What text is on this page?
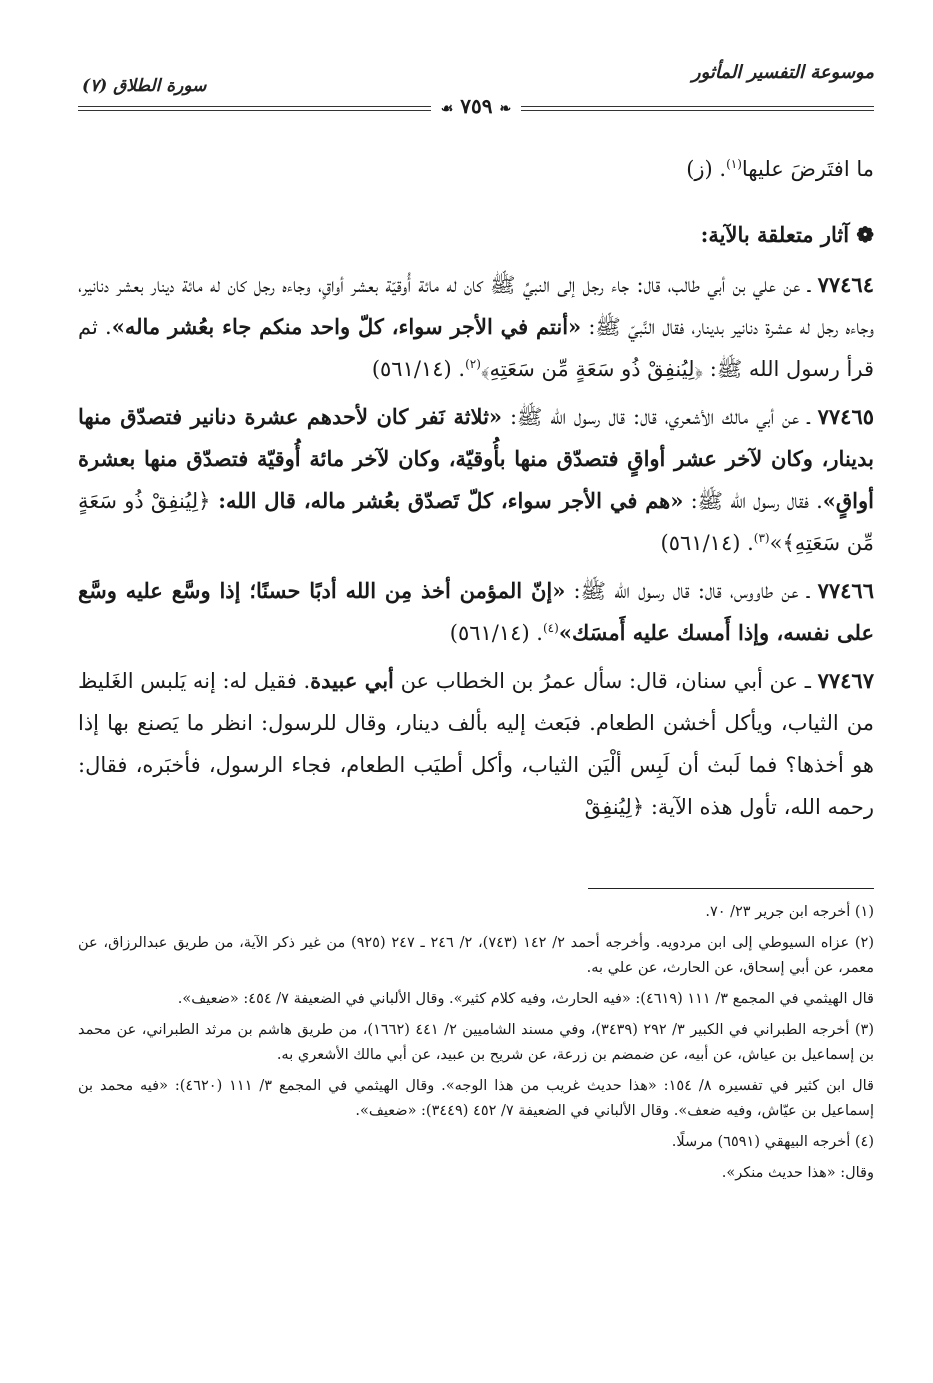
موسوعة التفسير المأثور
سورة الطلاق (٧)
❧ ٧٥٩ ☙

ما افتَرضَ عليها$^{(١)}$. (ز)

❁ آثار متعلقة بالآية:

٧٧٤٦٤ ـ عن علي بن أبي طالب، قال: جاء رجل إلى النبيِّ ﷺ كان له مائة أُوقيّة بعشر أواقٍ، وجاءه رجل كان له مائة دينار بعشر دنانير، وجاءه رجل له عشرة دنانير بدينار، فقال النَّبيّ ﷺ: «أنتم في الأجر سواء، كلّ واحد منكم جاء بعُشر ماله». ثم قرأ رسول الله ﷺ: ﴿لِيُنفِقْ ذُو سَعَةٍ مِّن سَعَتِهِ﴾$^{(٢)}$. (٥٦١/١٤)

٧٧٤٦٥ ـ عن أبي مالك الأشعري، قال: قال رسول الله ﷺ: «ثلاثة نَفر كان لأحدهم عشرة دنانير فتصدّق منها بدينار، وكان لآخر عشر أواقٍ فتصدّق منها بأُوقيّة، وكان لآخر مائة أُوقيّة فتصدّق منها بعشرة أواقٍ». فقال رسول الله ﷺ: «هم في الأجر سواء، كلّ تَصدّق بعُشر ماله، قال الله: ﴿لِيُنفِقْ ذُو سَعَةٍ مِّن سَعَتِهِ﴾»$^{(٣)}$. (٥٦١/١٤)

٧٧٤٦٦ ـ عن طاووس، قال: قال رسول الله ﷺ: «إنّ المؤمن أخذ مِن الله أدبًا حسنًا؛ إذا وسَّع عليه وسَّع على نفسه، وإذا أَمسك عليه أَمسَك»$^{(٤)}$. (٥٦١/١٤)

٧٧٤٦٧ ـ عن أبي سنان، قال: سأل عمرُ بن الخطاب عن أبي عبيدة. فقيل له: إنه يَلبس الغَليظ من الثياب، ويأكل أخشن الطعام. فبَعث إليه بألف دينار، وقال للرسول: انظر ما يَصنع بها إذا هو أخذها؟ فما لَبث أن لَبِس ألْيَن الثياب، وأكل أطيَب الطعام، فجاء الرسول، فأخبَره، فقال: رحمه الله، تأول هذه الآية: ﴿لِيُنفِقْ

(١) أخرجه ابن جرير ٢٣/ ٧٠.

(٢) عزاه السيوطي إلى ابن مردويه. وأخرجه أحمد ٢/ ١٤٢ (٧٤٣)، ٢/ ٢٤٦ ـ ٢٤٧ (٩٢٥) من غير ذكر الآية، من طريق عبدالرزاق، عن معمر، عن أبي إسحاق، عن الحارث، عن علي به.

قال الهيثمي في المجمع ٣/ ١١١ (٤٦١٩): «فيه الحارث، وفيه كلام كثير». وقال الألباني في الضعيفة ٧/ ٤٥٤: «ضعيف».

(٣) أخرجه الطبراني في الكبير ٣/ ٢٩٢ (٣٤٣٩)، وفي مسند الشاميين ٢/ ٤٤١ (١٦٦٢)، من طريق هاشم بن مرثد الطبراني، عن محمد بن إسماعيل بن عياش، عن أبيه، عن ضمضم بن زرعة، عن شريح بن عبيد، عن أبي مالك الأشعري به.

قال ابن كثير في تفسيره ٨/ ١٥٤: «هذا حديث غريب من هذا الوجه». وقال الهيثمي في المجمع ٣/ ١١١ (٤٦٢٠): «فيه محمد بن إسماعيل بن عيّاش، وفيه ضعف». وقال الألباني في الضعيفة ٧/ ٤٥٢ (٣٤٤٩): «ضعيف».

(٤) أخرجه البيهقي (٦٥٩١) مرسلًا.

وقال: «هذا حديث منكر».
